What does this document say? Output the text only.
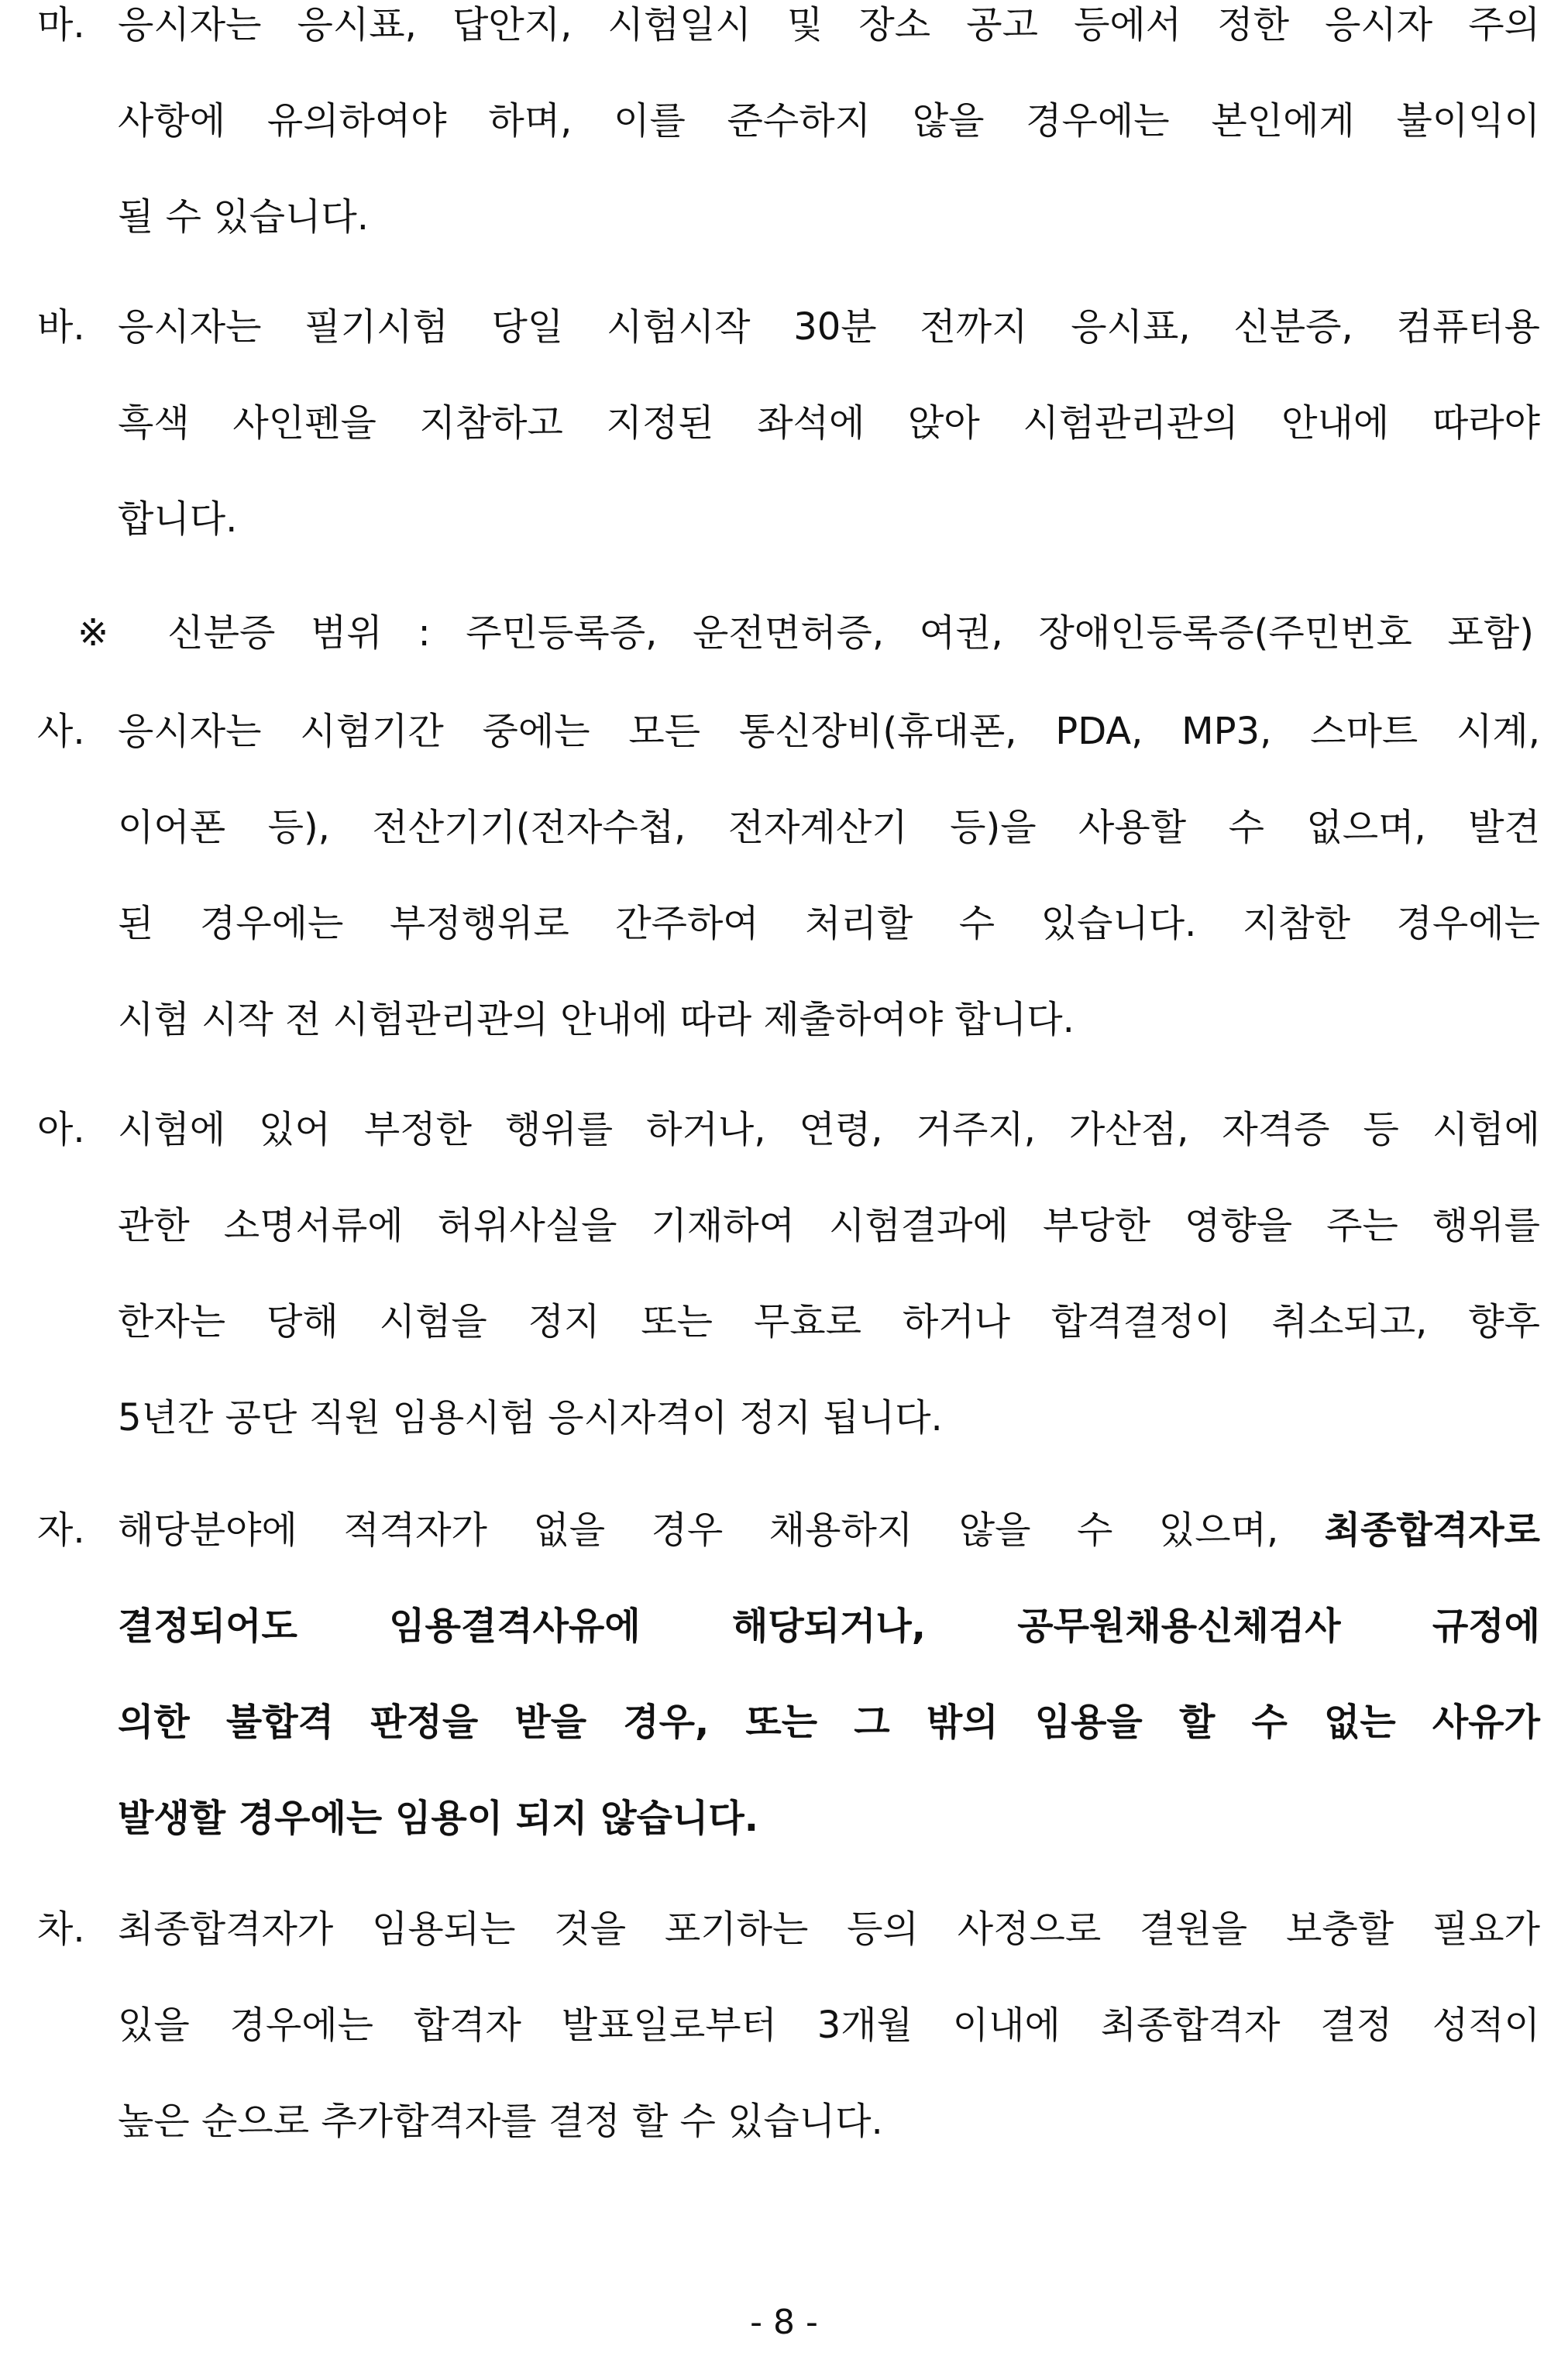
마. 응시자는 응시표, 답안지, 시험일시 및 장소 공고 등에서 정한 응시자 주의
사항에 유의하여야 하며, 이를 준수하지 않을 경우에는 본인에게 불이익이
될 수 있습니다.
바. 응시자는 필기시험 당일 시험시작 30분 전까지 응시표, 신분증, 컴퓨터용
흑색 사인펜을 지참하고 지정된 좌석에 앉아 시험관리관의 안내에 따라야
합니다.
※ 신분증 범위 : 주민등록증, 운전면허증, 여권, 장애인등록증(주민번호 포함)
사. 응시자는 시험기간 중에는 모든 통신장비(휴대폰, PDA, MP3, 스마트 시계,
이어폰 등), 전산기기(전자수첩, 전자계산기 등)을 사용할 수 없으며, 발견
된 경우에는 부정행위로 간주하여 처리할 수 있습니다. 지참한 경우에는
시험 시작 전 시험관리관의 안내에 따라 제출하여야 합니다.
아. 시험에 있어 부정한 행위를 하거나, 연령, 거주지, 가산점, 자격증 등 시험에
관한 소명서류에 허위사실을 기재하여 시험결과에 부당한 영향을 주는 행위를
한자는 당해 시험을 정지 또는 무효로 하거나 합격결정이 취소되고, 향후
5년간 공단 직원 임용시험 응시자격이 정지 됩니다.
자. 해당분야에 적격자가 없을 경우 채용하지 않을 수 있으며, 최종합격자로
결정되어도 임용결격사유에 해당되거나, 공무원채용신체검사 규정에
의한 불합격 판정을 받을 경우, 또는 그 밖의 임용을 할 수 없는 사유가
발생할 경우에는 임용이 되지 않습니다.
차. 최종합격자가 임용되는 것을 포기하는 등의 사정으로 결원을 보충할 필요가
있을 경우에는 합격자 발표일로부터 3개월 이내에 최종합격자 결정 성적이
높은 순으로 추가합격자를 결정 할 수 있습니다.
- 8 -
